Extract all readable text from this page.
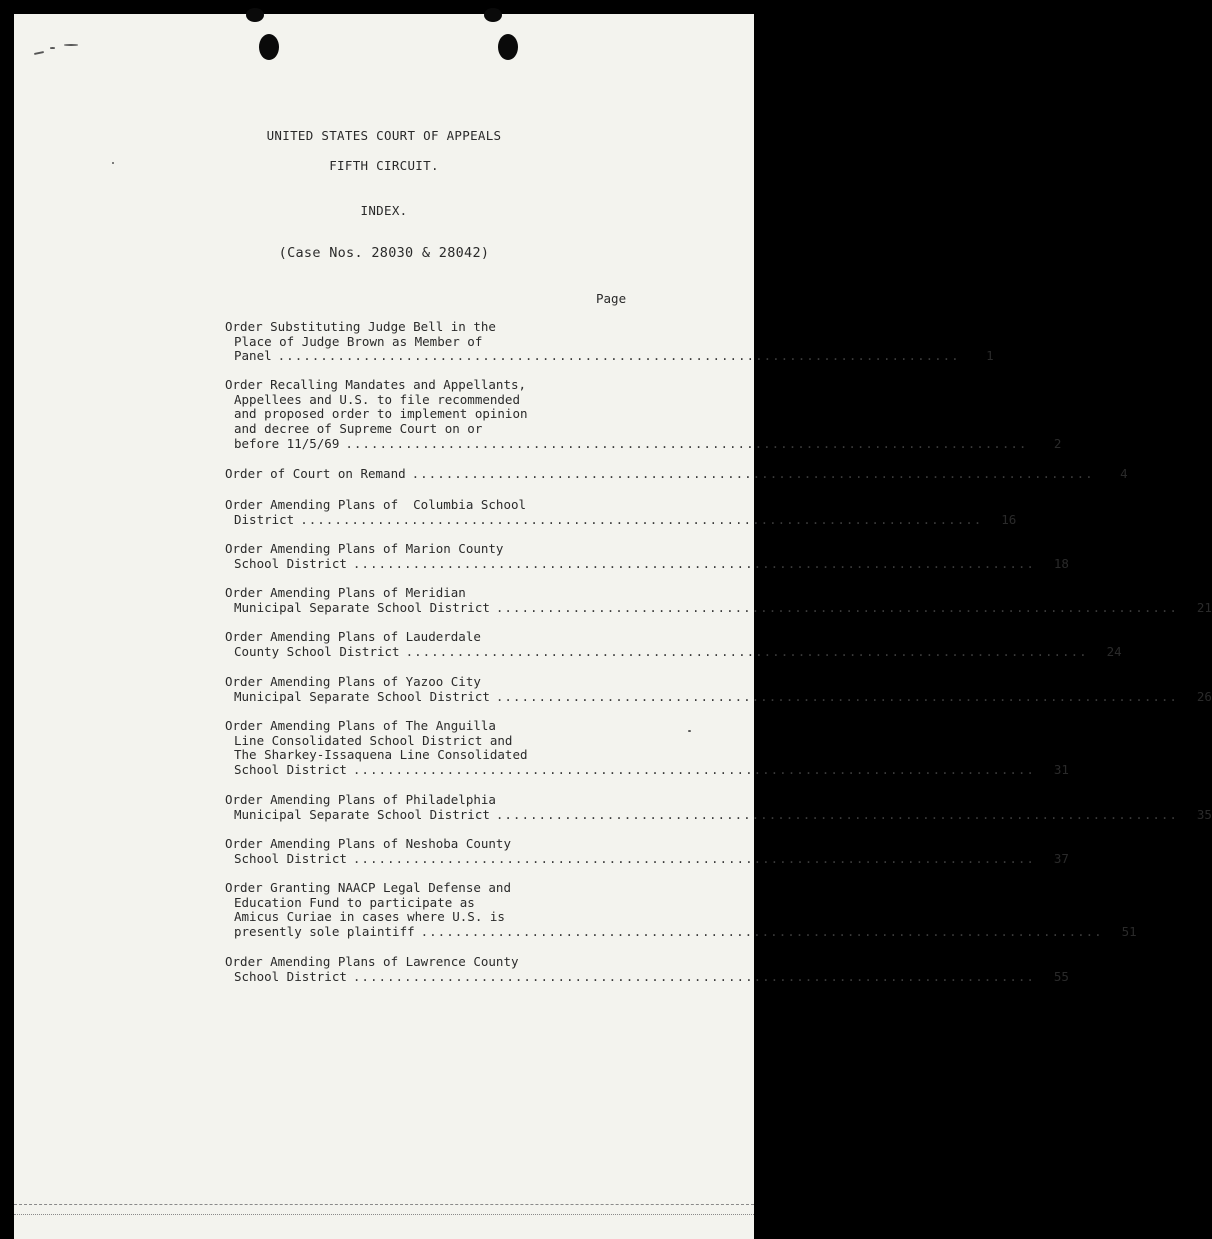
UNITED STATES COURT OF APPEALS
FIFTH CIRCUIT.
INDEX.
(Case Nos. 28030 & 28042)
Page
Order Substituting Judge Bell in the
Place of Judge Brown as Member of
Panel ................................................................................	1
Order Recalling Mandates and Appellants,
Appellees and U.S. to file recommended
and proposed order to implement opinion
and decree of Supreme Court on or
before 11/5/69 ................................................................................	2
Order of Court on Remand ................................................................................	4
Order Amending Plans of  Columbia School
District ................................................................................	16
Order Amending Plans of Marion County
School District ................................................................................	18
Order Amending Plans of Meridian
Municipal Separate School District ................................................................................	21
Order Amending Plans of Lauderdale
County School District ................................................................................	24
Order Amending Plans of Yazoo City
Municipal Separate School District ................................................................................	26
Order Amending Plans of The Anguilla
Line Consolidated School District and
The Sharkey-Issaquena Line Consolidated
School District ................................................................................	31
Order Amending Plans of Philadelphia
Municipal Separate School District ................................................................................	35
Order Amending Plans of Neshoba County
School District ................................................................................	37
Order Granting NAACP Legal Defense and
Education Fund to participate as
Amicus Curiae in cases where U.S. is
presently sole plaintiff ................................................................................	51
Order Amending Plans of Lawrence County
School District ................................................................................	55
